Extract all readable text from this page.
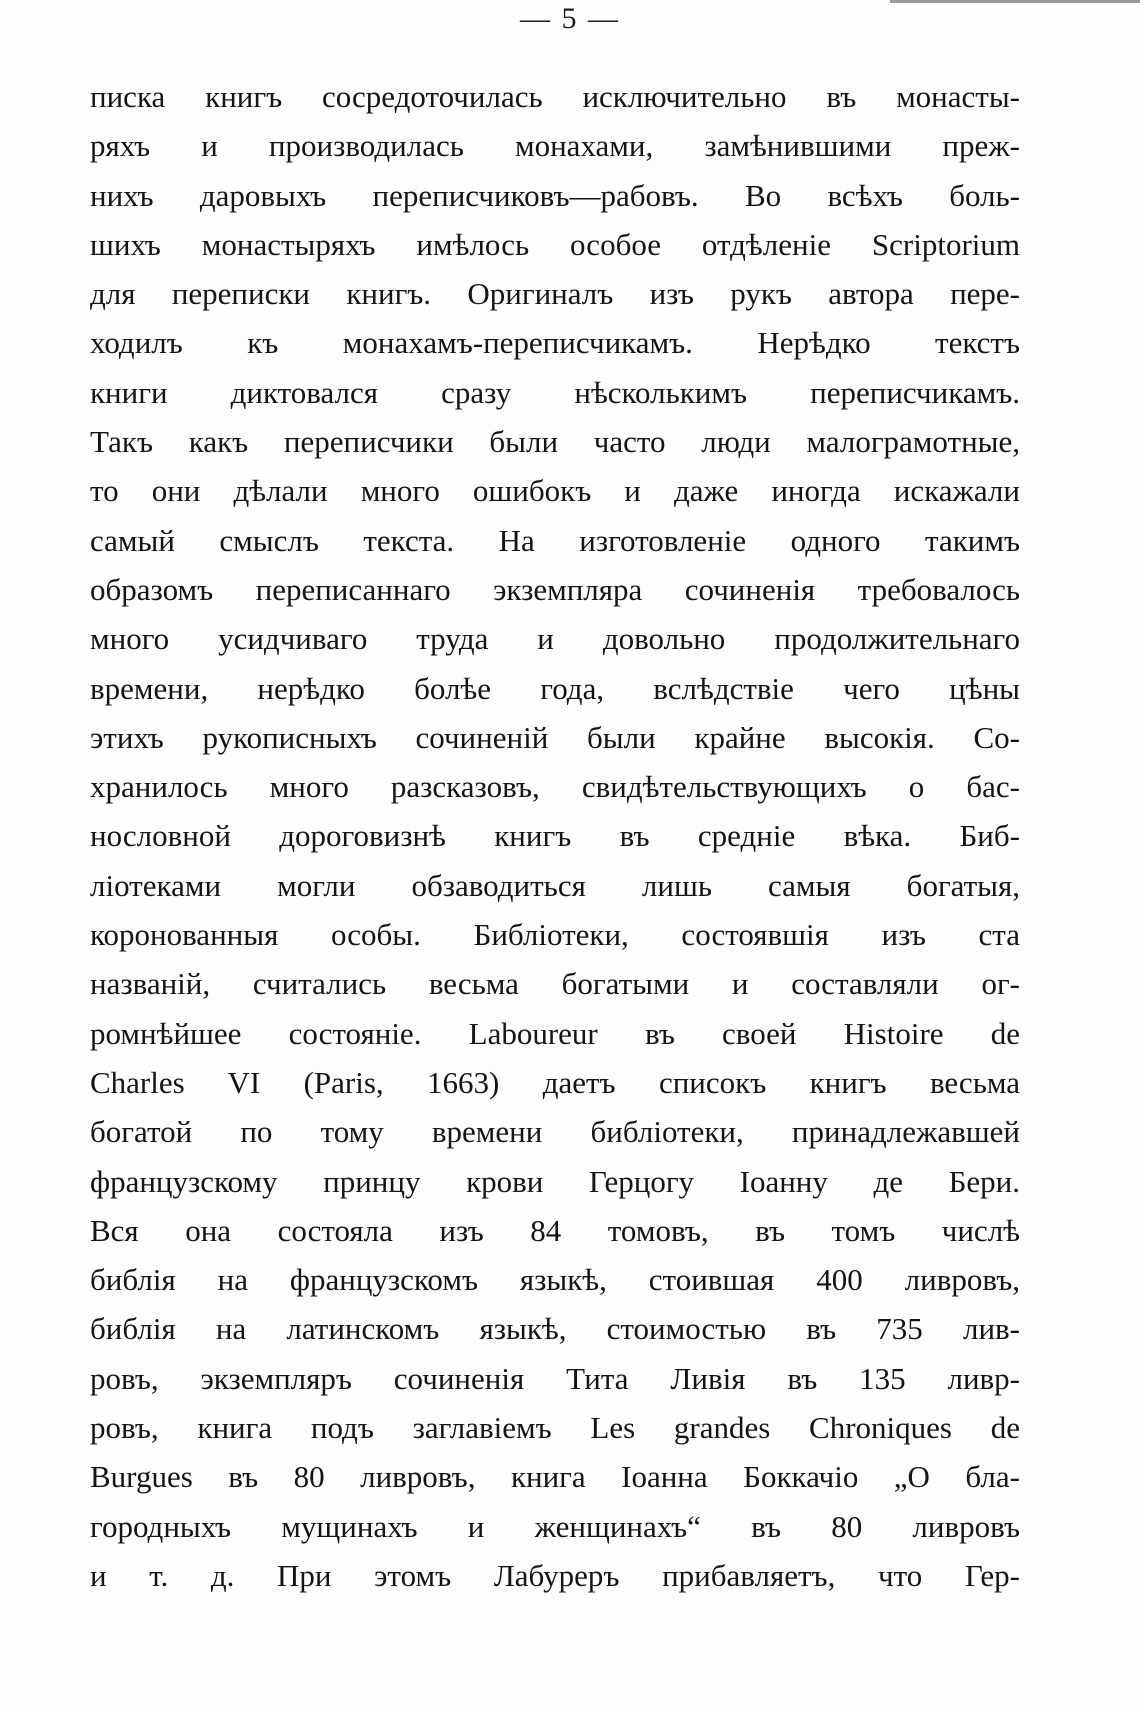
— 5 —
писка книгъ сосредоточилась исключительно въ монасты-
ряхъ и производилась монахами, замѣнившими преж-
нихъ даровыхъ переписчиковъ—рабовъ. Во всѣхъ боль-
шихъ монастыряхъ имѣлось особое отдѣленіе Scriptorium
для переписки книгъ. Оригиналъ изъ рукъ автора пере-
ходилъ къ монахамъ-переписчикамъ. Нерѣдко текстъ
книги диктовался сразу нѣсколькимъ переписчикамъ.
Такъ какъ переписчики были часто люди малограмотные,
то они дѣлали много ошибокъ и даже иногда искажали
самый смыслъ текста. На изготовленіе одного такимъ
образомъ переписаннаго экземпляра сочиненія требовалось
много усидчиваго труда и довольно продолжительнаго
времени, нерѣдко болѣе года, вслѣдствіе чего цѣны
этихъ рукописныхъ сочиненій были крайне высокія. Со-
хранилось много разсказовъ, свидѣтельствующихъ о бас-
нословной дороговизнѣ книгъ въ средніе вѣка. Биб-
ліотеками могли обзаводиться лишь самыя богатыя,
коронованныя особы. Библіотеки, состоявшія изъ ста
названій, считались весьма богатыми и составляли ог-
ромнѣйшее состояніе. Laboureur въ своей Histoire de
Charles VI (Paris, 1663) даетъ списокъ книгъ весьма
богатой по тому времени библіотеки, принадлежавшей
французскому принцу крови Герцогу Іоанну де Бери.
Вся она состояла изъ 84 томовъ, въ томъ числѣ
библія на французскомъ языкѣ, стоившая 400 ливровъ,
библія на латинскомъ языкѣ, стоимостью въ 735 лив-
ровъ, экземпляръ сочиненія Тита Ливія въ 135 ливр-
ровъ, книга подъ заглавіемъ Les grandes Chroniques de
Burgues въ 80 ливровъ, книга Іоанна Боккачіо „О бла-
городныхъ мущинахъ и женщинахъ“ въ 80 ливровъ
и т. д. При этомъ Лабуреръ прибавляетъ, что Гер-
